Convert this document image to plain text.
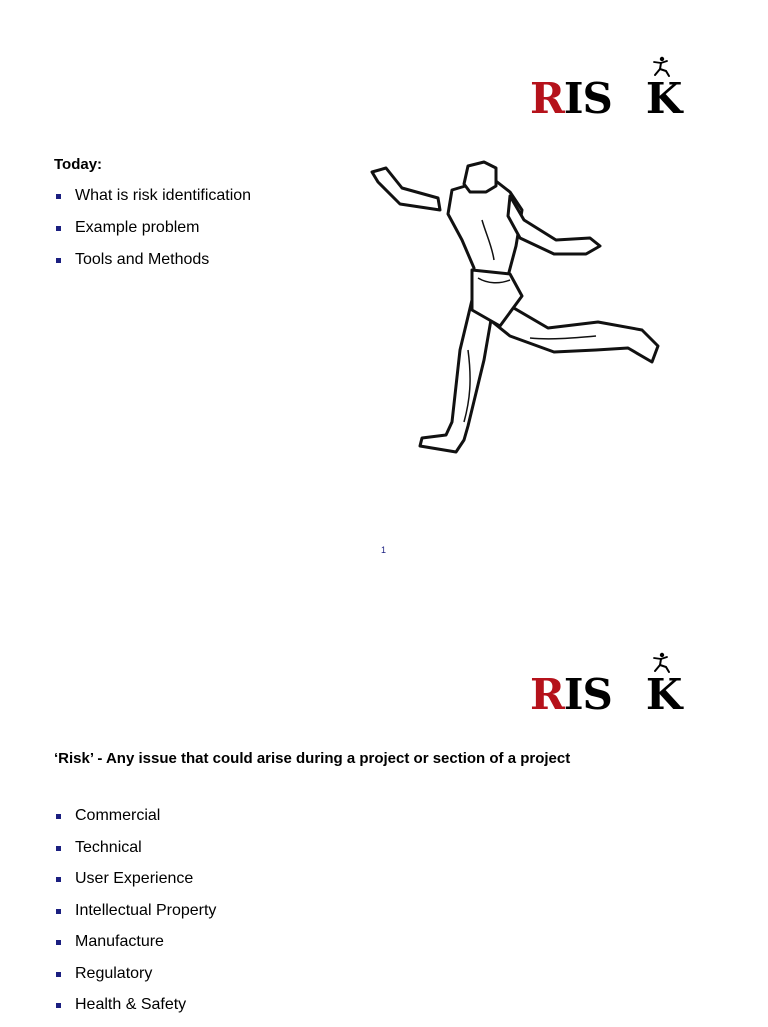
RIS K
Today:
What is risk identification
Example problem
Tools and Methods
1
RIS K
‘Risk’ - Any issue that could arise during a project or section of a project
Commercial
Technical
User Experience
Intellectual Property
Manufacture
Regulatory
Health & Safety
